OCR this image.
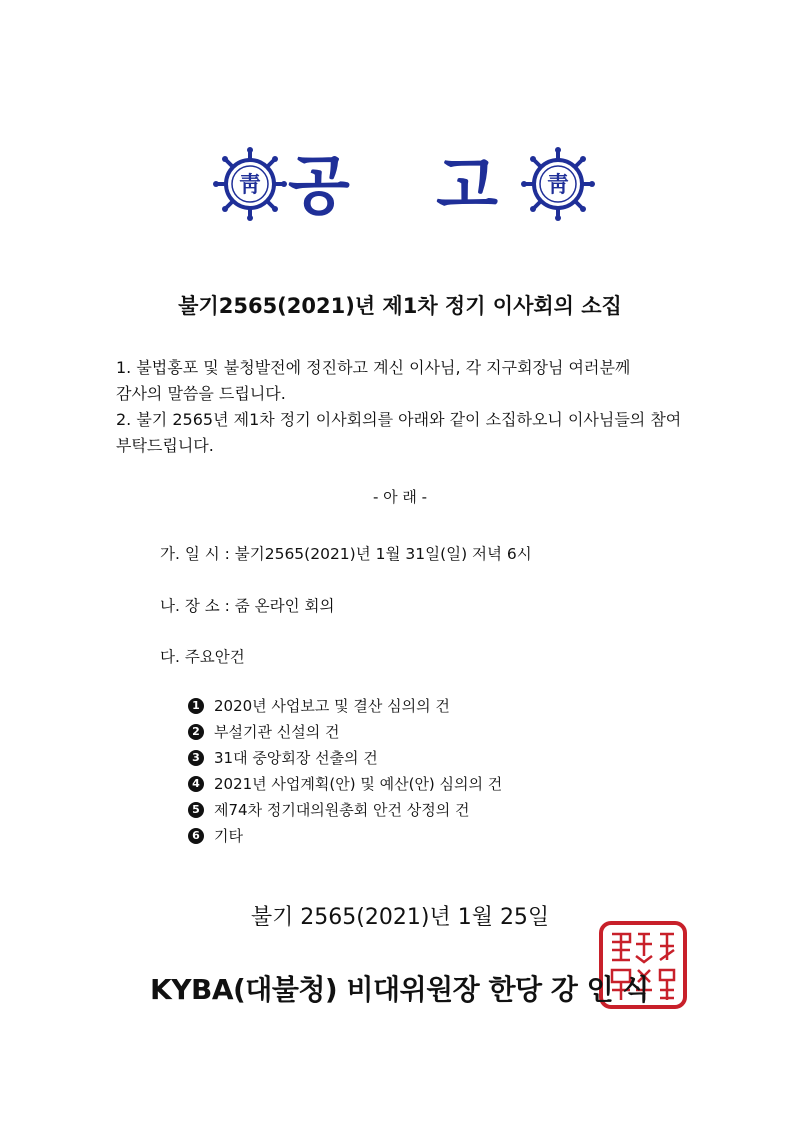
靑 공 고 靑
불기2565(2021)년 제1차 정기 이사회의 소집
1. 불법홍포 및 불청발전에 정진하고 계신 이사님, 각 지구회장님 여러분께
감사의 말씀을 드립니다.
2. 불기 2565년 제1차 정기 이사회의를 아래와 같이 소집하오니 이사님들의 참여
부탁드립니다.
- 아 래 -
가. 일 시 : 불기2565(2021)년 1월 31일(일) 저녁 6시
나. 장 소 : 줌 온라인 회의
다. 주요안건
1 2020년 사업보고 및 결산 심의의 건
2 부설기관 신설의 건
3 31대 중앙회장 선출의 건
4 2021년 사업계획(안) 및 예산(안) 심의의 건
5 제74차 정기대의원총회 안건 상정의 건
6 기타
불기 2565(2021)년 1월 25일
KYBA(대불청) 비대위원장 한당 강 인 식
